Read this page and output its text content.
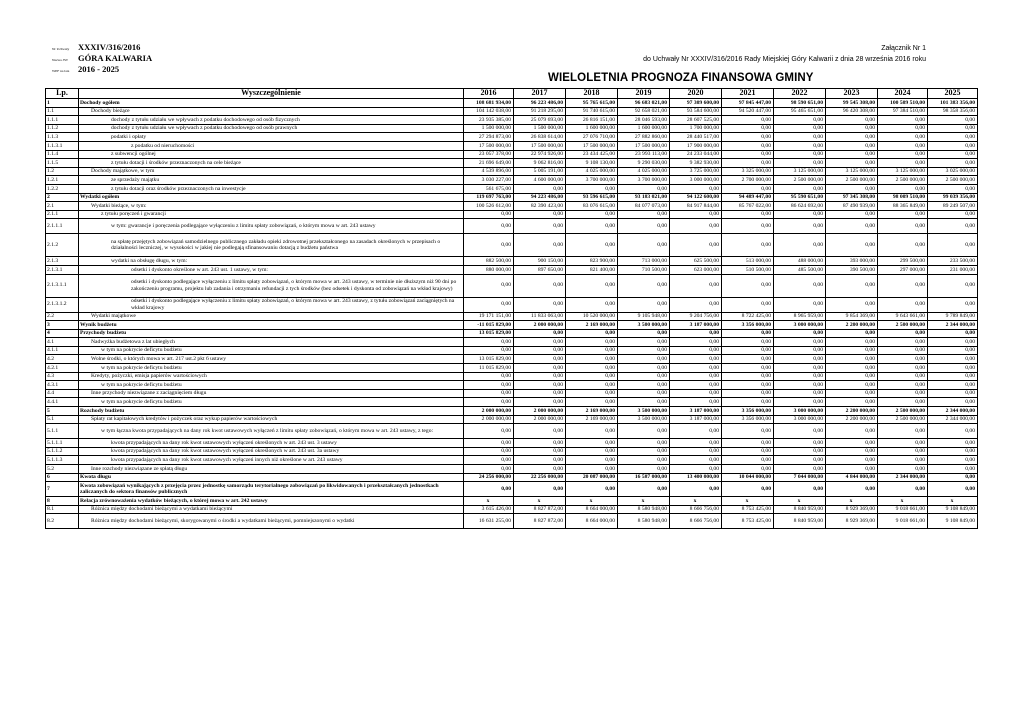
Nr Uchwały	XXXIV/316/2016
Nazwa JST	GÓRA KALWARIA
WPF na lata	2016 - 2025
Załącznik Nr 1
do Uchwały Nr XXXIV/316/2016 Rady Miejskiej Góry Kalwarii z dnia 28 września 2016 roku
WIELOLETNIA PROGNOZA FINANSOWA GMINY
Lp.	Wyszczególnienie	2016	2017	2018	2019	2020	2021	2022	2023	2024	2025
1	Dochody ogółem	108 681 934,00	96 223 486,00	95 765 615,00	96 683 021,00	97 309 600,00	97 845 447,00	98 590 651,00	99 545 308,00	100 509 510,00	101 383 356,00
1.1	Dochody bieżące	104 142 038,00	91 218 295,00	91 740 615,00	92 658 021,00	93 584 600,00	94 520 447,00	95 465 651,00	96 420 308,00	97 384 510,00	98 358 356,00
1.1.1	dochody z tytułu udziału we wpływach z podatku dochodowego od osób fizycznych	23 935 385,00	25 079 693,00	26 816 151,00	28 046 593,00	28 607 525,00	0,00	0,00	0,00	0,00	0,00
1.1.2	dochody z tytułu udziału we wpływach z podatku dochodowego od osób prawnych	1 500 000,00	1 500 000,00	1 600 000,00	1 600 000,00	1 700 000,00	0,00	0,00	0,00	0,00	0,00
1.1.3	podatki i opłaty	27 294 873,00	26 838 614,00	27 076 710,00	27 882 860,00	28 440 517,00	0,00	0,00	0,00	0,00	0,00
1.1.3.1	z podatku od nieruchomości	17 500 000,00	17 500 000,00	17 500 000,00	17 500 000,00	17 900 000,00	0,00	0,00	0,00	0,00	0,00
1.1.4	z subwencji ogólnej	23 057 378,00	22 974 926,00	23 434 425,00	23 993 113,00	24 233 044,00	0,00	0,00	0,00	0,00	0,00
1.1.5	z tytułu dotacji i środków przeznaczonych na cele bieżące	21 696 649,00	9 062 816,00	9 108 130,00	9 290 030,00	9 382 930,00	0,00	0,00	0,00	0,00	0,00
1.2	Dochody majątkowe, w tym	4 539 896,00	5 005 191,00	4 025 000,00	4 025 000,00	3 725 000,00	3 325 000,00	3 125 000,00	3 125 000,00	3 125 000,00	3 025 000,00
1.2.1	ze sprzedaży majątku	3 030 227,00	4 600 000,00	3 700 000,00	3 700 000,00	3 000 000,00	2 700 000,00	2 500 000,00	2 500 000,00	2 500 000,00	2 500 000,00
1.2.2	z tytułu dotacji oraz środków przeznaczonych na inwestycje	561 675,00	0,00	0,00	0,00	0,00	0,00	0,00	0,00	0,00	0,00
2	Wydatki ogółem	119 697 763,00	94 223 486,00	93 596 615,00	93 183 021,00	94 122 600,00	94 489 447,00	95 590 651,00	97 345 308,00	98 009 510,00	99 039 356,00
2.1	Wydatki bieżące, w tym:	100 526 612,00	82 390 423,00	83 076 615,00	84 077 073,00	84 917 844,00	85 767 022,00	86 624 692,00	87 490 939,00	88 365 849,00	89 249 507,00
2.1.1	z tytułu poręczeń i gwarancji	0,00	0,00	0,00	0,00	0,00	0,00	0,00	0,00	0,00	0,00
2.1.1.1	w tym: gwarancje i poręczenia podlegające wyłączeniu z limitu spłaty zobowiązań, o którym mowa w art. 243 ustawy	0,00	0,00	0,00	0,00	0,00	0,00	0,00	0,00	0,00	0,00
2.1.2	na spłatę przejętych zobowiązań samodzielnego publicznego zakładu opieki zdrowotnej przekształconego na zasadach określonych w przepisach o działalności leczniczej, w wysokości w jakiej nie podlegają sfinansowaniu dotacją z budżetu państwa	0,00	0,00	0,00	0,00	0,00	0,00	0,00	0,00	0,00	0,00
2.1.3	wydatki na obsługę długu, w tym:	882 500,00	900 150,00	823 900,00	713 000,00	625 500,00	513 000,00	488 000,00	393 000,00	299 500,00	233 500,00
2.1.3.1	odsetki i dyskonto określone w art. 243 ust. 1 ustawy, w tym:	880 000,00	897 650,00	821 400,00	710 500,00	623 000,00	510 500,00	485 500,00	390 500,00	297 000,00	231 000,00
2.1.3.1.1	odsetki i dyskonto podlegające wyłączeniu z limitu spłaty zobowiązań, o którym mowa w art. 243 ustawy, w terminie nie dłuższym niż 90 dni po zakończeniu programu, projektu lub zadania i otrzymaniu refundacji z tych środków (bez odsetek i dyskonta od zobowiązań na wkład krajowy)	0,00	0,00	0,00	0,00	0,00	0,00	0,00	0,00	0,00	0,00
2.1.3.1.2	odsetki i dyskonto podlegające wyłączeniu z limitu spłaty zobowiązań, o którym mowa w art. 243 ustawy, z tytułu zobowiązań zaciągniętych na wkład krajowy	0,00	0,00	0,00	0,00	0,00	0,00	0,00	0,00	0,00	0,00
2.2	Wydatki majątkowe	19 171 151,00	11 833 063,00	10 520 000,00	9 105 948,00	9 204 756,00	8 722 425,00	8 965 959,00	9 854 369,00	9 643 661,00	9 789 849,00
3	Wynik budżetu	-11 015 829,00	2 000 000,00	2 169 000,00	3 500 000,00	3 187 000,00	3 356 000,00	3 000 000,00	2 200 000,00	2 500 000,00	2 344 000,00
4	Przychody budżetu	13 015 829,00	0,00	0,00	0,00	0,00	0,00	0,00	0,00	0,00	0,00
4.1	Nadwyżka budżetowa z lat ubiegłych	0,00	0,00	0,00	0,00	0,00	0,00	0,00	0,00	0,00	0,00
4.1.1	w tym na pokrycie deficytu budżetu	0,00	0,00	0,00	0,00	0,00	0,00	0,00	0,00	0,00	0,00
4.2	Wolne środki, o których mowa w art. 217 ust.2 pkt 6 ustawy	13 015 829,00	0,00	0,00	0,00	0,00	0,00	0,00	0,00	0,00	0,00
4.2.1	w tym na pokrycie deficytu budżetu	11 015 829,00	0,00	0,00	0,00	0,00	0,00	0,00	0,00	0,00	0,00
4.3	Kredyty, pożyczki, emisja papierów wartościowych	0,00	0,00	0,00	0,00	0,00	0,00	0,00	0,00	0,00	0,00
4.3.1	w tym na pokrycie deficytu budżetu	0,00	0,00	0,00	0,00	0,00	0,00	0,00	0,00	0,00	0,00
4.4	Inne przychody niezwiązane z zaciągnięciem długu	0,00	0,00	0,00	0,00	0,00	0,00	0,00	0,00	0,00	0,00
4.4.1	w tym na pokrycie deficytu budżetu	0,00	0,00	0,00	0,00	0,00	0,00	0,00	0,00	0,00	0,00
5	Rozchody budżetu	2 000 000,00	2 000 000,00	2 169 000,00	3 500 000,00	3 187 000,00	3 356 000,00	3 000 000,00	2 200 000,00	2 500 000,00	2 344 000,00
5.1	Spłaty rat kapitałowych kredytów i pożyczek oraz wykup papierów wartościowych	2 000 000,00	2 000 000,00	2 169 000,00	3 500 000,00	3 187 000,00	3 356 000,00	3 000 000,00	2 200 000,00	2 500 000,00	2 344 000,00
5.1.1	w tym łączna kwota przypadających na dany rok kwot ustawowych wyłączeń z limitu spłaty zobowiązań, o którym mowa w art. 243 ustawy, z tego:	0,00	0,00	0,00	0,00	0,00	0,00	0,00	0,00	0,00	0,00
5.1.1.1	kwota przypadających na dany rok kwot ustawowych wyłączeń określonych w art. 243 ust. 3 ustawy	0,00	0,00	0,00	0,00	0,00	0,00	0,00	0,00	0,00	0,00
5.1.1.2	kwota przypadających na dany rok kwot ustawowych wyłączeń określonych w art. 243 ust. 3a ustawy	0,00	0,00	0,00	0,00	0,00	0,00	0,00	0,00	0,00	0,00
5.1.1.3	kwota przypadających na dany rok kwot ustawowych wyłączeń innych niż określone w art. 243 ustawy	0,00	0,00	0,00	0,00	0,00	0,00	0,00	0,00	0,00	0,00
5.2	Inne rozchody niezwiązane ze spłatą długu	0,00	0,00	0,00	0,00	0,00	0,00	0,00	0,00	0,00	0,00
6	Kwota długu	24 256 000,00	22 256 000,00	20 087 000,00	16 587 000,00	13 400 000,00	10 044 000,00	7 044 000,00	4 844 000,00	2 344 000,00	0,00
7	Kwota zobowiązań wynikających z przejęcia przez jednostkę samorządu terytorialnego zobowiązań po likwidowanych i przekształcanych jednostkach zaliczanych do sektora finansów publicznych	0,00	0,00	0,00	0,00	0,00	0,00	0,00	0,00	0,00	0,00
8	Relacja zrównoważenia wydatków bieżących, o której mowa w art. 242 ustawy	x	x	x	x	x	x	x	x	x	x
8.1	Różnica między dochodami bieżącymi a wydatkami bieżącymi	3 615 426,00	8 827 872,00	8 664 000,00	8 580 948,00	8 666 756,00	8 753 425,00	8 840 959,00	8 929 369,00	9 018 661,00	9 108 849,00
8.2	Różnica między dochodami bieżącymi, skorygowanymi o środki a wydatkami bieżącymi, pomniejszonymi o wydatki	16 631 255,00	8 827 872,00	8 664 000,00	8 580 948,00	8 666 756,00	8 753 425,00	8 840 959,00	8 929 369,00	9 018 661,00	9 108 849,00
